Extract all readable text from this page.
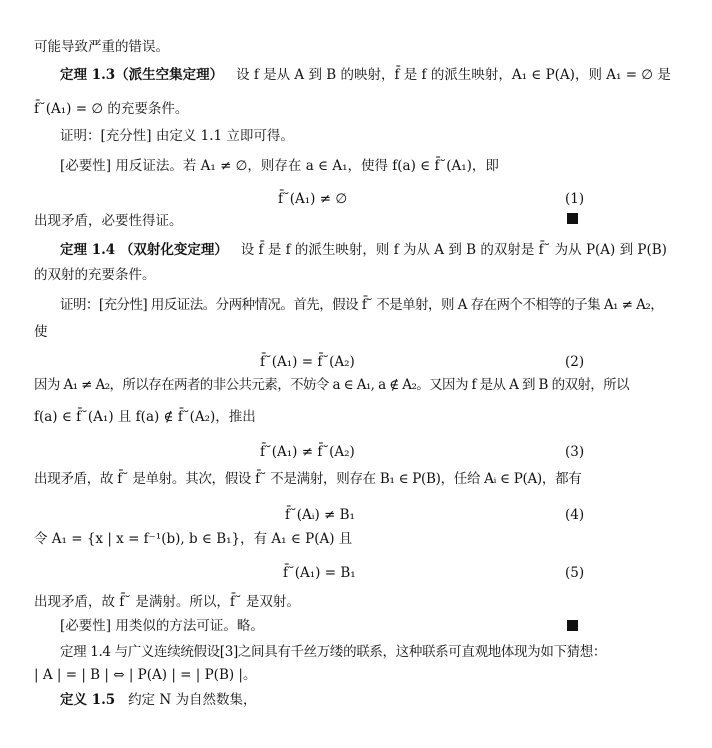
可能导致严重的错误。
定理 1.3（派生空集定理） 设 f 是从 A 到 B 的映射，f̄ 是 f 的派生映射，A₁ ∈ P(A)，则 A₁ = ∅ 是
f̄˘(A₁) = ∅ 的充要条件。
证明：[充分性] 由定义 1.1 立即可得。
[必要性] 用反证法。若 A₁ ≠ ∅，则存在 a ∈ A₁，使得 f(a) ∈ f̄˘(A₁)，即
f̄˘(A₁) ≠ ∅	(1)
出现矛盾，必要性得证。
定理 1.4 （双射化变定理） 设 f̄ 是 f 的派生映射，则 f 为从 A 到 B 的双射是 f̄˘ 为从 P(A) 到 P(B)
的双射的充要条件。
证明：[充分性] 用反证法。分两种情况。首先，假设 f̄˘ 不是单射，则 A 存在两个不相等的子集 A₁ ≠ A₂，
使
f̄˘(A₁) = f̄˘(A₂)	(2)
因为 A₁ ≠ A₂，所以存在两者的非公共元素，不妨令 a ∈ A₁, a ∉ A₂。又因为 f 是从 A 到 B 的双射，所以
f(a) ∈ f̄˘(A₁) 且 f(a) ∉ f̄˘(A₂)，推出
f̄˘(A₁) ≠ f̄˘(A₂)	(3)
出现矛盾，故 f̄˘ 是单射。其次，假设 f̄˘ 不是满射，则存在 B₁ ∈ P(B)，任给 Aᵢ ∈ P(A)，都有
f̄˘(Aᵢ) ≠ B₁	(4)
令 A₁ = {x | x = f⁻¹(b), b ∈ B₁}，有 A₁ ∈ P(A) 且
f̄˘(A₁) = B₁	(5)
出现矛盾，故 f̄˘ 是满射。所以，f̄˘ 是双射。
[必要性] 用类似的方法可证。略。
定理 1.4 与广义连续统假设[3]之间具有千丝万缕的联系，这种联系可直观地体现为如下猜想：
| A | = | B | ⇔ | P(A) | = | P(B) |。
定义 1.5 约定 N 为自然数集，
